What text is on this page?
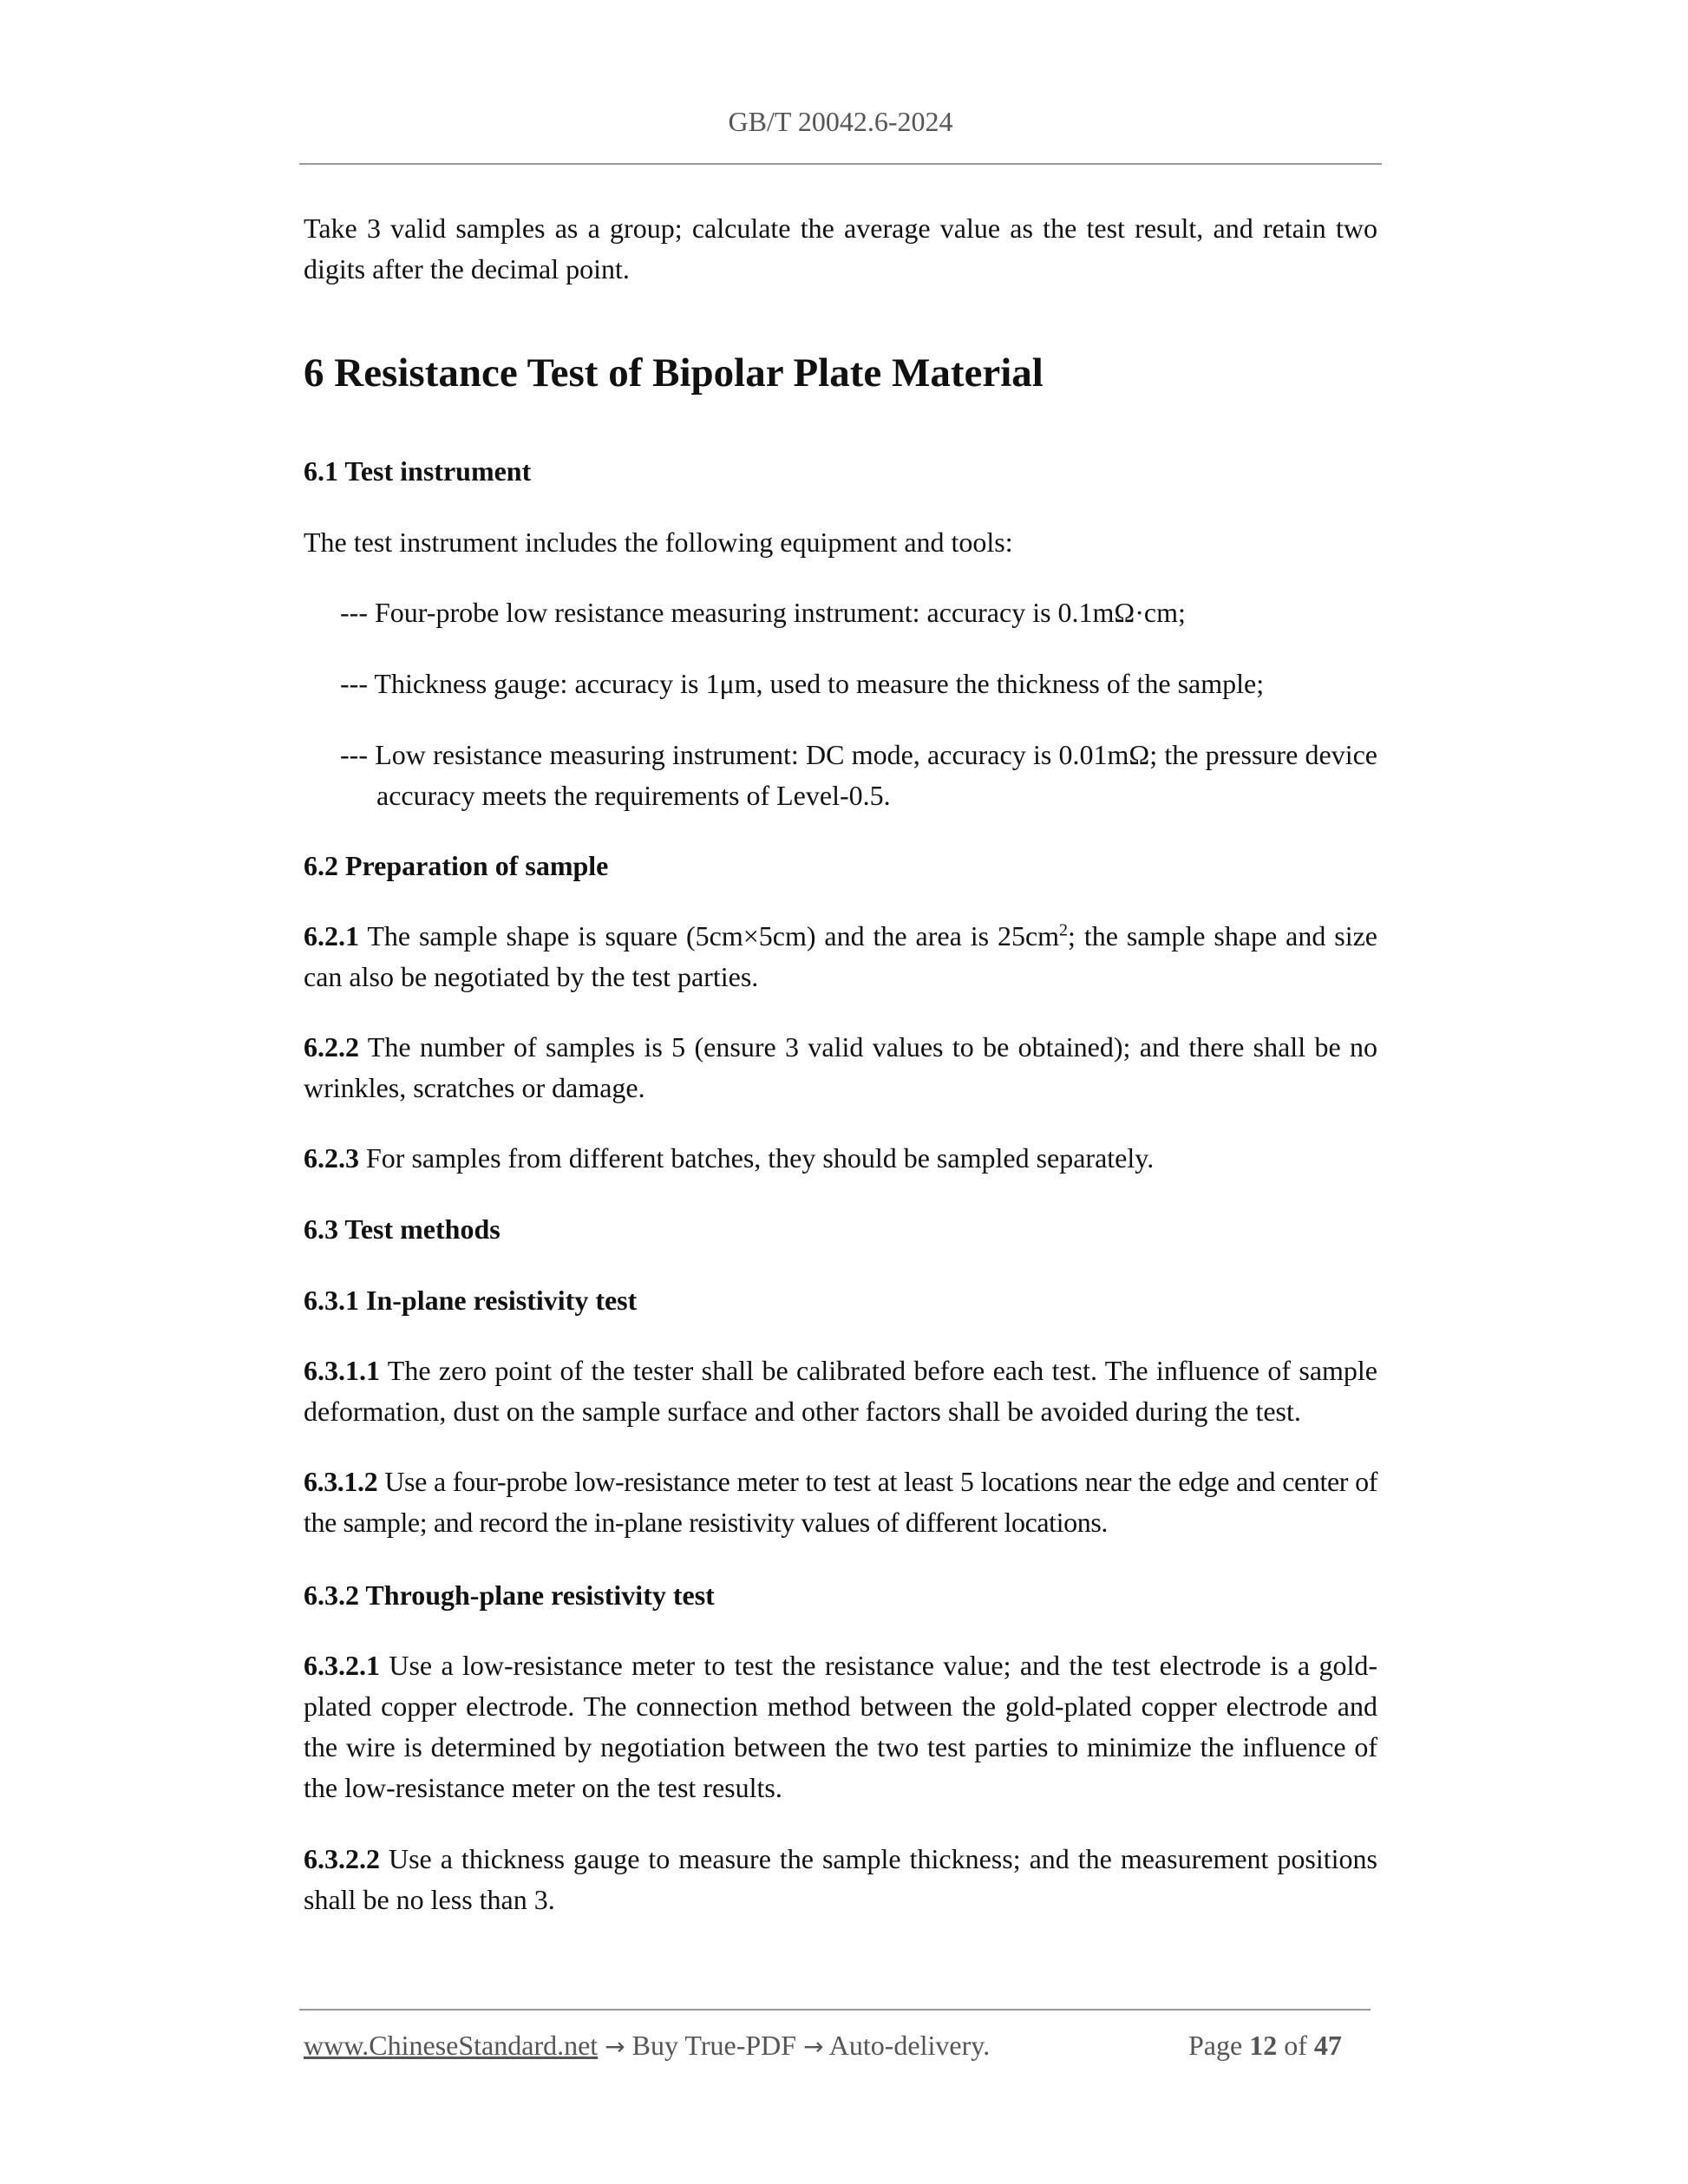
GB/T 20042.6-2024

Take 3 valid samples as a group; calculate the average value as the test result, and retain two digits after the decimal point.

6 Resistance Test of Bipolar Plate Material
6.1 Test instrument

The test instrument includes the following equipment and tools:

--- Four-probe low resistance measuring instrument: accuracy is 0.1mΩ·cm;
--- Thickness gauge: accuracy is 1μm, used to measure the thickness of the sample;
--- Low resistance measuring instrument: DC mode, accuracy is 0.01mΩ; the pressure device accuracy meets the requirements of Level-0.5.
6.2 Preparation of sample

6.2.1 The sample shape is square (5cm×5cm) and the area is $25cm^2$; the sample shape and size can also be negotiated by the test parties.

6.2.2 The number of samples is 5 (ensure 3 valid values to be obtained); and there shall be no wrinkles, scratches or damage.

6.2.3 For samples from different batches, they should be sampled separately.

6.3 Test methods
6.3.1 In-plane resistivity test

6.3.1.1 The zero point of the tester shall be calibrated before each test. The influence of sample deformation, dust on the sample surface and other factors shall be avoided during the test.

6.3.1.2 Use a four-probe low-resistance meter to test at least 5 locations near the edge and center of the sample; and record the in-plane resistivity values of different locations.

6.3.2 Through-plane resistivity test

6.3.2.1 Use a low-resistance meter to test the resistance value; and the test electrode is a gold-plated copper electrode. The connection method between the gold-plated copper electrode and the wire is determined by negotiation between the two test parties to minimize the influence of the low-resistance meter on the test results.

6.3.2.2 Use a thickness gauge to measure the sample thickness; and the measurement positions shall be no less than 3.

www.ChineseStandard.net → Buy True-PDF → Auto-delivery.	Page 12 of 47
